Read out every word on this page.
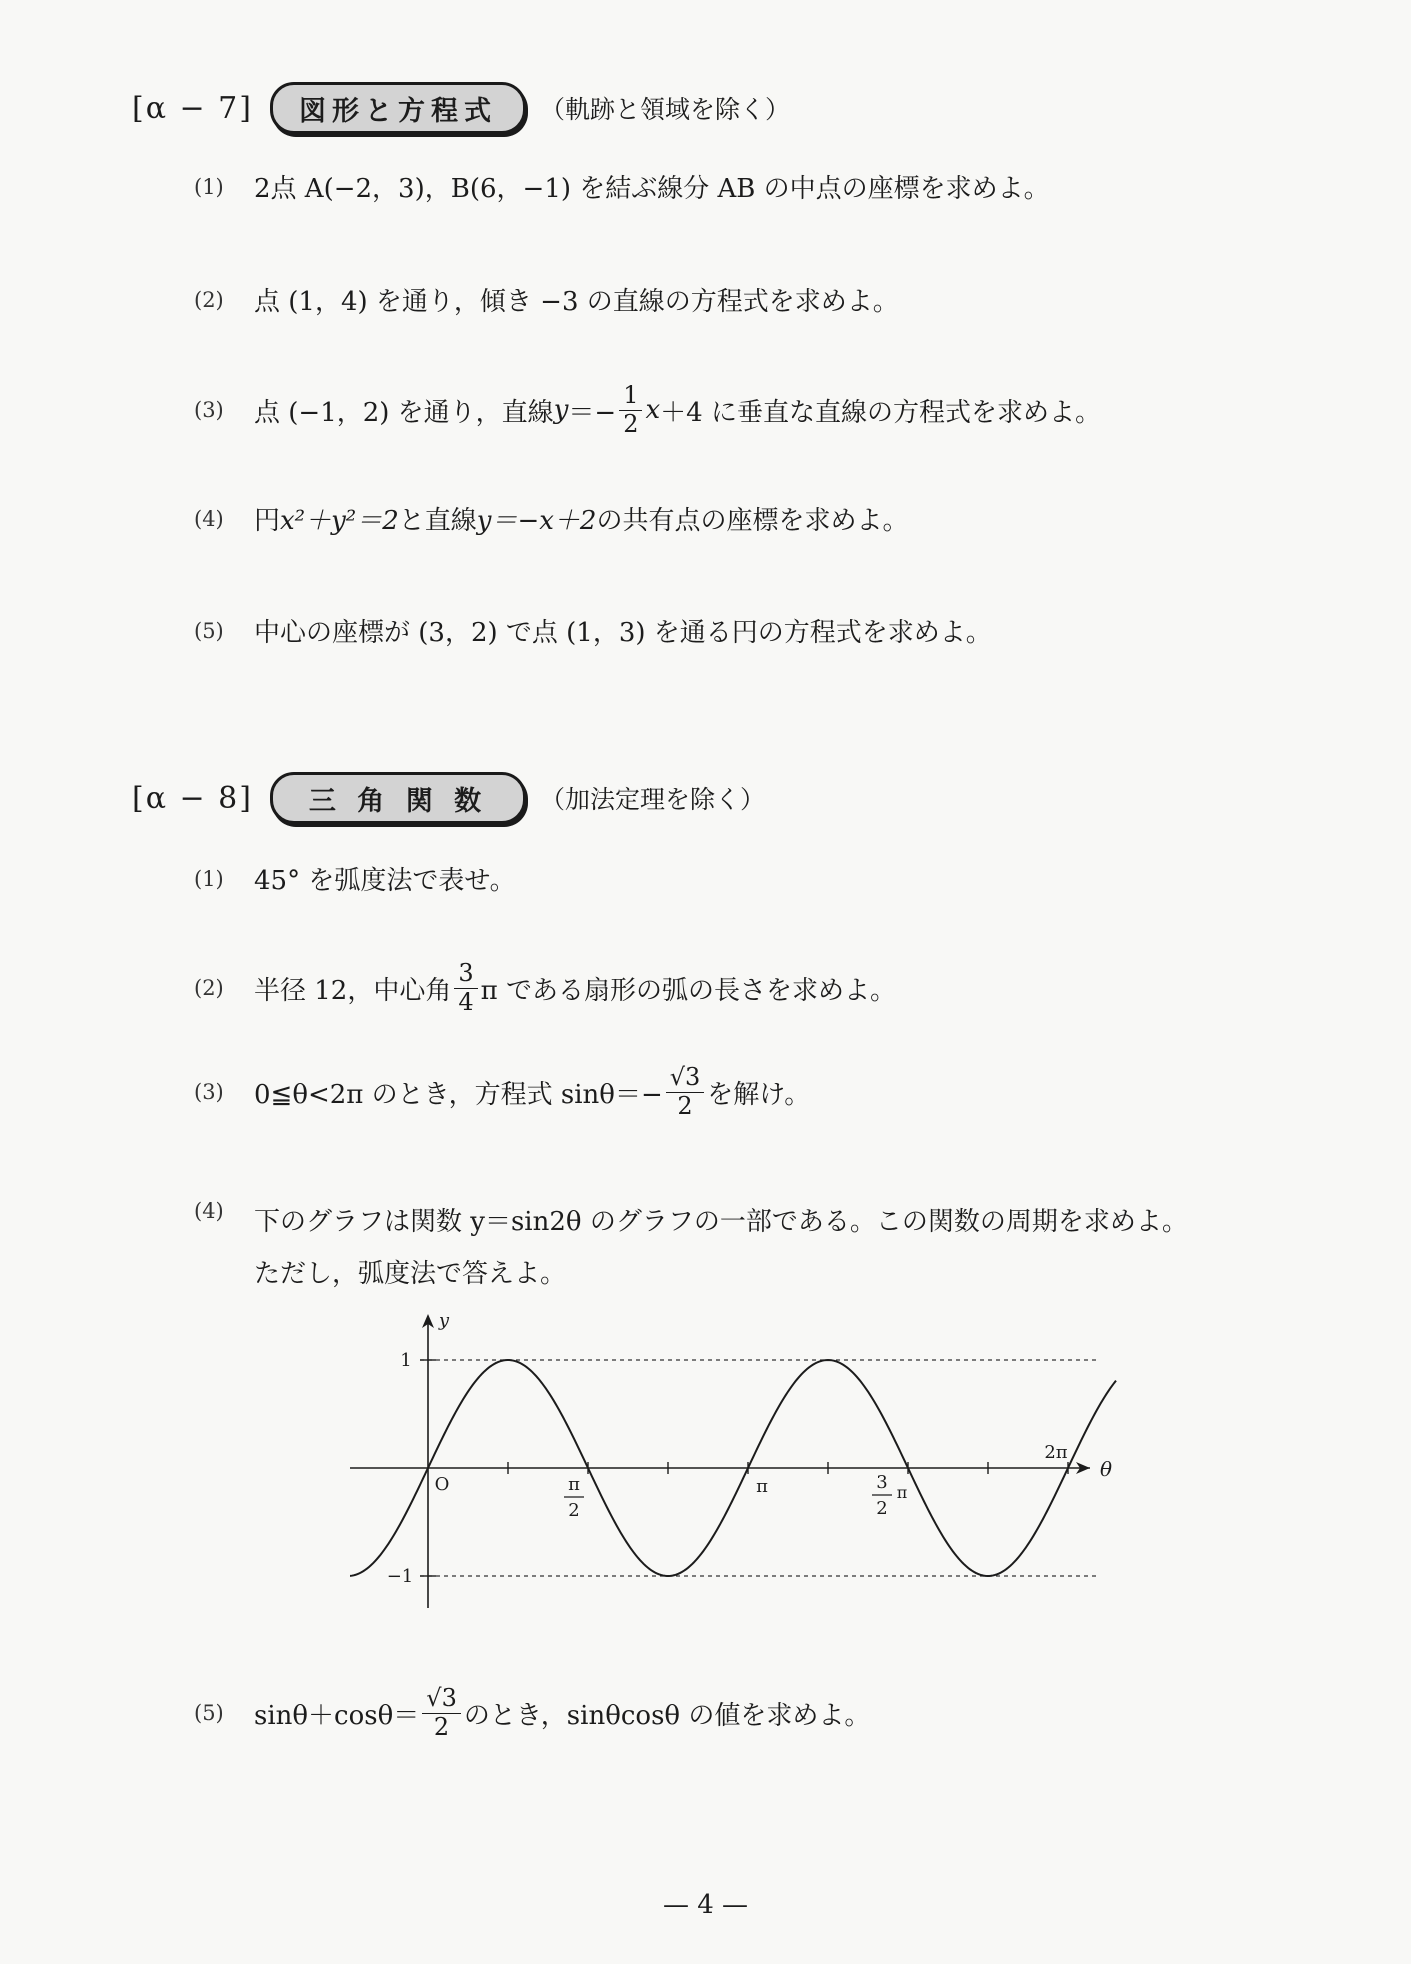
[α − 7]	図形と方程式	（軌跡と領域を除く）
(1)	2点 A(−2，3)，B(6，−1) を結ぶ線分 AB の中点の座標を求めよ。
(2)	点 (1，4) を通り，傾き −3 の直線の方程式を求めよ。
(3)	点 (−1，2) を通り，直線 $y =- \frac{1}{2}$ x ＋4 に垂直な直線の方程式を求めよ。
(4)	円 x²＋y²＝2 と直線 y＝−x＋2 の共有点の座標を求めよ。
(5)	中心の座標が (3，2) で点 (1，3) を通る円の方程式を求めよ。
[α − 8]	三 角 関 数	（加法定理を除く）
(1)	45° を弧度法で表せ。
(2)	半径 12，中心角 $\frac{3}{4}$ π である扇形の弧の長さを求めよ。
(3)	0≦θ<2π のとき，方程式 $\sin\theta=- \frac{√3}{2}$ を解け。
(4)	下のグラフは関数 y＝sin2θ のグラフの一部である。この関数の周期を求めよ。
ただし，弧度法で答えよ。
y
θ
O
1
−1
π
2
π	3
2
π
2π
(5)	$\sin\theta+\cos\theta= \frac{√3}{2}$ のとき，sinθcosθ の値を求めよ。
— 4 —
